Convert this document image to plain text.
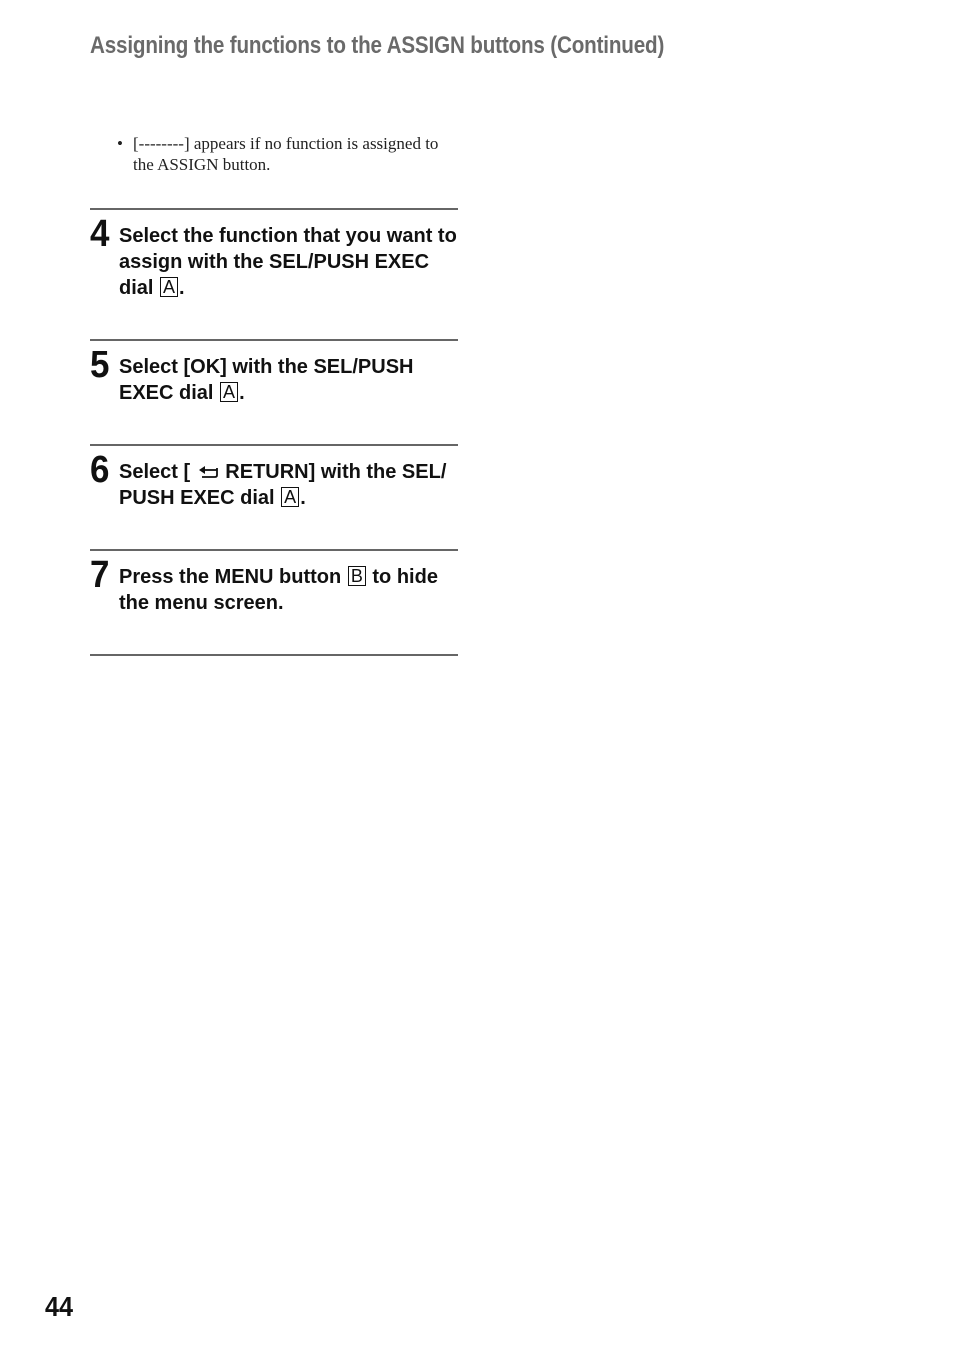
Assigning the functions to the ASSIGN buttons (Continued)
• [--------] appears if no function is assigned to the ASSIGN button.
4 Select the function that you want to assign with the SEL/PUSH EXEC dial A .
5 Select [OK] with the SEL/PUSH EXEC dial A .
6 Select [ RETURN] with the SEL/ PUSH EXEC dial A .
7 Press the MENU button B to hide the menu screen.
44
